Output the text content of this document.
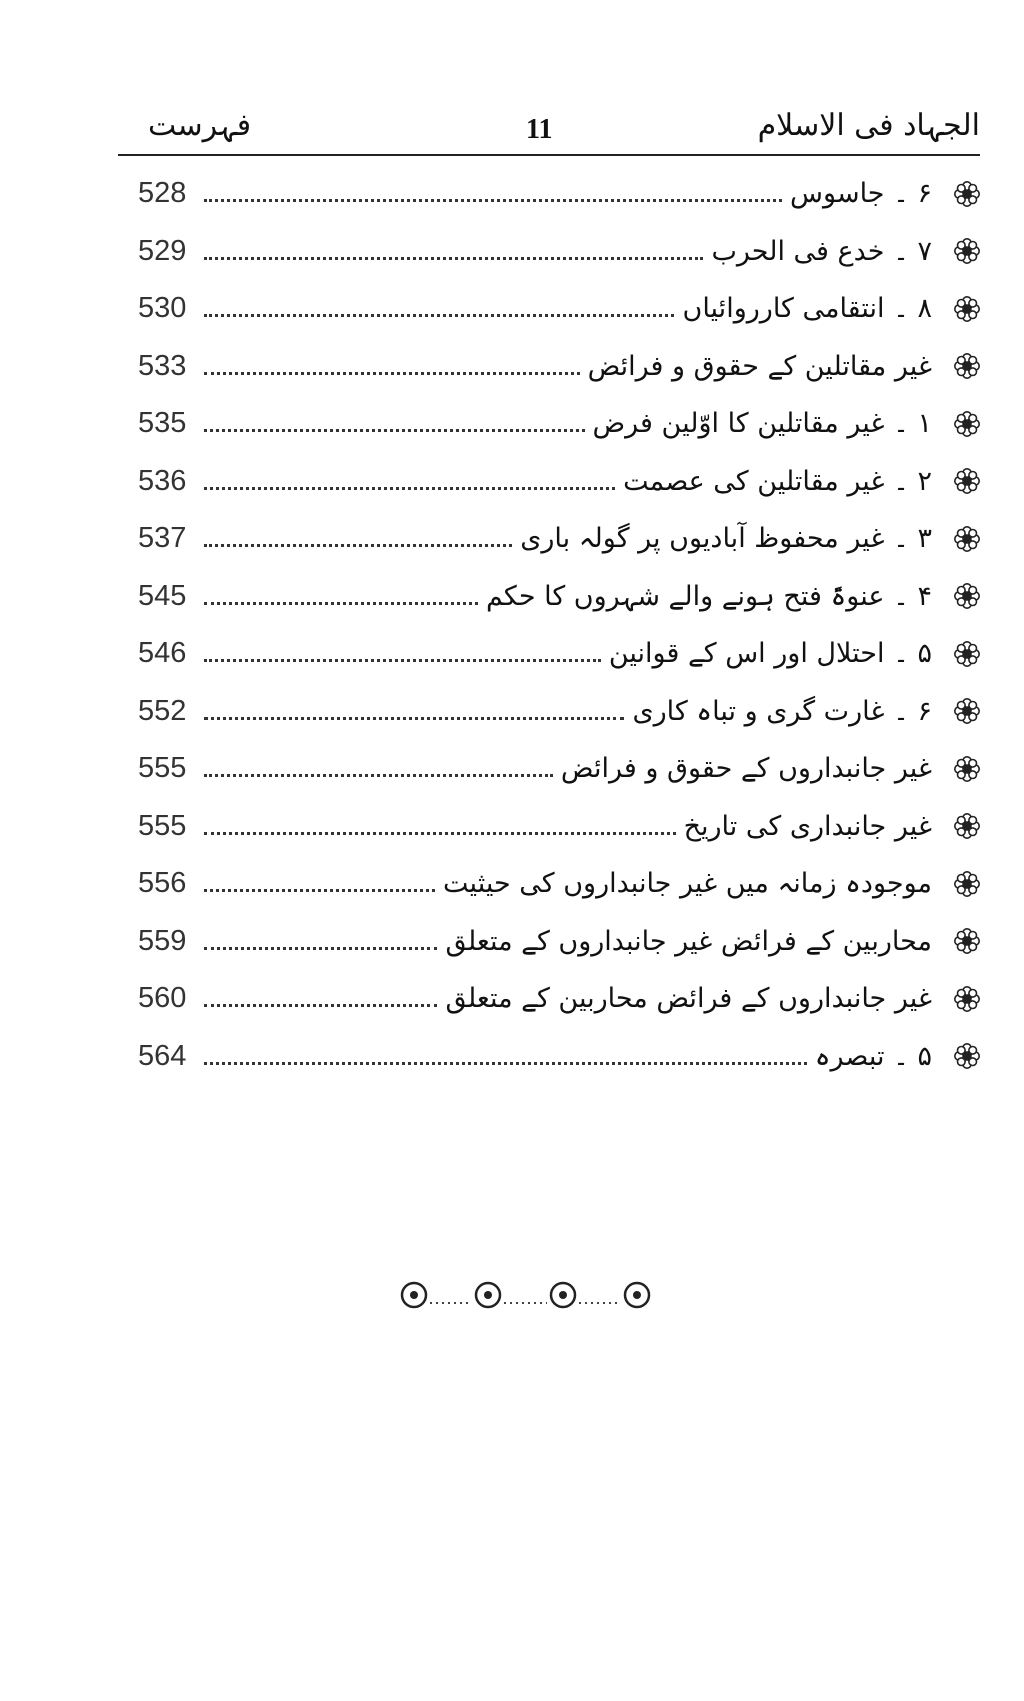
فہرست	11	الجہاد فی الاسلام
528	۶ ۔ جاسوس
529	۷ ۔ خدع فی الحرب
530	۸ ۔ انتقامی کارروائیاں
533	غیر مقاتلین کے حقوق و فرائض
535	۱ ۔ غیر مقاتلین کا اوّلین فرض
536	۲ ۔ غیر مقاتلین کی عصمت
537	۳ ۔ غیر محفوظ آبادیوں پر گولہ باری
545	۴ ۔ عنوۃً فتح ہونے والے شہروں کا حکم
546	۵ ۔ احتلال اور اس کے قوانین
552	۶ ۔ غارت گری و تباہ کاری
555	غیر جانبداروں کے حقوق و فرائض
555	غیر جانبداری کی تاریخ
556	موجودہ زمانہ میں غیر جانبداروں کی حیثیت
559	محاربین کے فرائض غیر جانبداروں کے متعلق
560	غیر جانبداروں کے فرائض محاربین کے متعلق
564	۵ ۔ تبصرہ
